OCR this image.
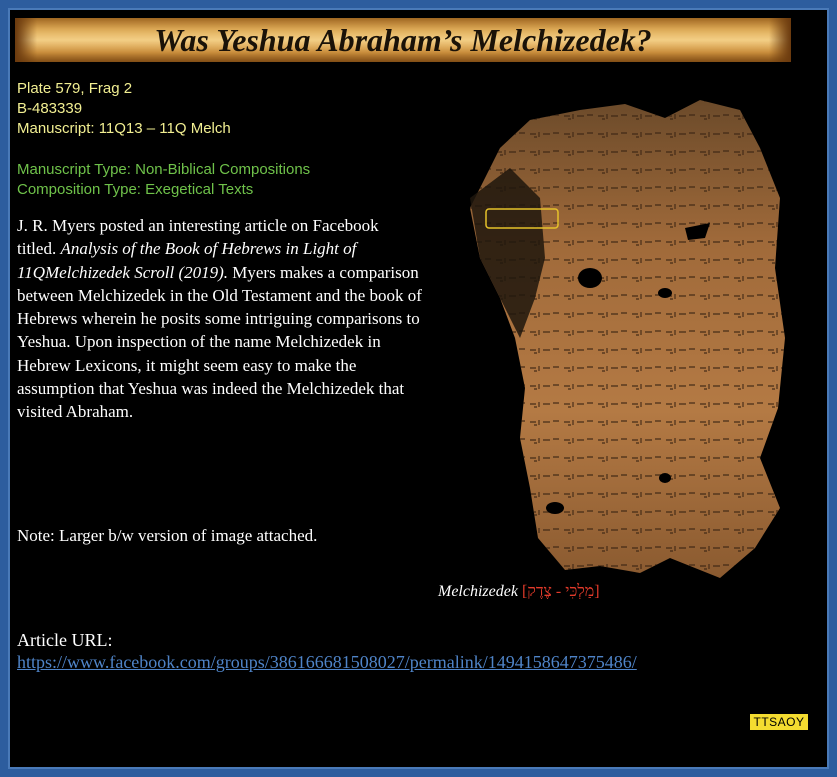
Was Yeshua Abraham’s Melchizedek?
Plate 579, Frag 2
B-483339
Manuscript: 11Q13 – 11Q Melch
Manuscript Type: Non-Biblical Compositions
Composition Type: Exegetical Texts
J. R. Myers posted an interesting article on Facebook titled. Analysis of the Book of Hebrews in Light of 11QMelchizedek Scroll (2019). Myers makes a comparison between Melchizedek in the Old Testament and the book of Hebrews wherein he posits some intriguing comparisons to Yeshua. Upon inspection of the name Melchizedek in Hebrew Lexicons, it might seem easy to make the assumption that Yeshua was indeed the Melchizedek that visited Abraham.
Note: Larger b/w version of image attached.
Melchizedek [מַלְכִּי - צֶדֶק]
Article URL:
https://www.facebook.com/groups/386166681508027/permalink/1494158647375486/
TTSAOY
